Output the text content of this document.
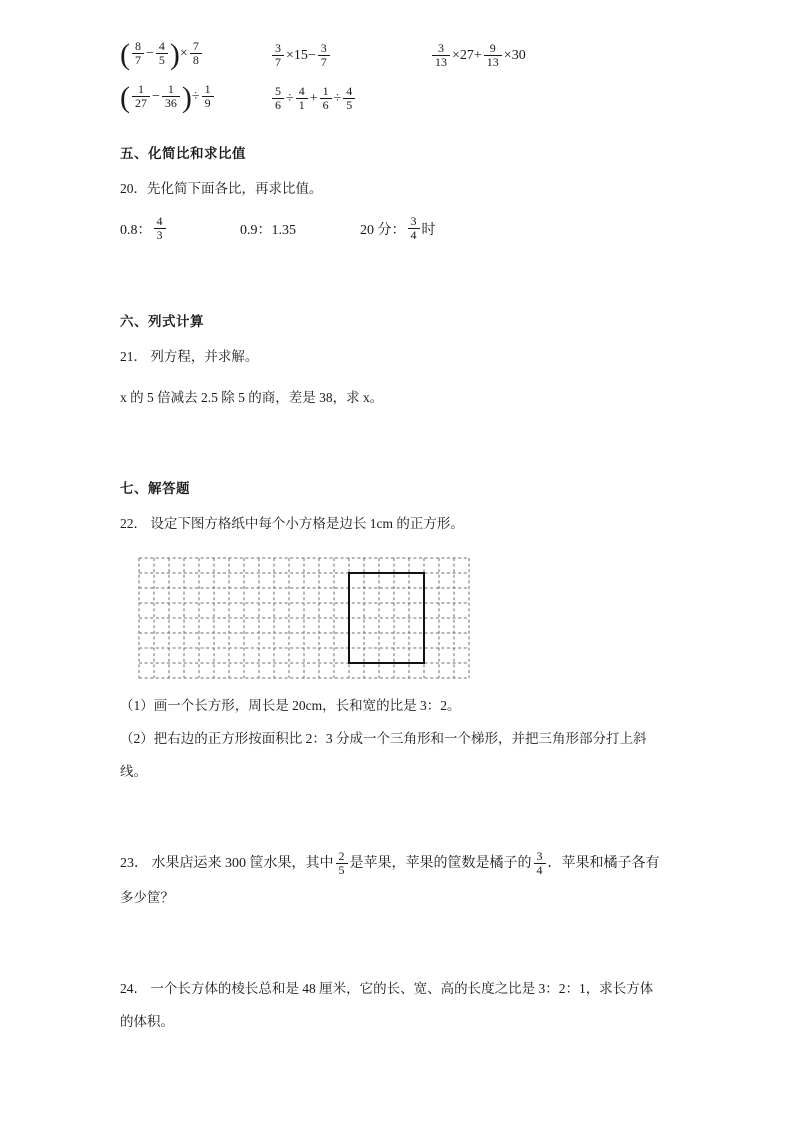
( $\frac{8}{7} - \frac{4}{5}$ ) × $\frac{7}{8}$	$\frac{3}{7} \times 15- \frac{3}{7}$	$\frac{3}{13} \times 27+ \frac{9}{13} \times 30$
( $\frac{1}{27} - \frac{1}{36}$ ) ÷ $\frac{1}{9}$	$\frac{5}{6} \div \frac{4}{1} + \frac{1}{6} \div \frac{4}{5}$
五、化简比和求比值
20．先化简下面各比，再求比值。
0.8： $\frac{4}{3}$	0.9：1.35	20 分： $\frac{3}{4}$ 时
六、列式计算
21． 列方程，并求解。
x 的 5 倍减去 2.5 除 5 的商，差是 38，求 x。
七、解答题
22． 设定下图方格纸中每个小方格是边长 1cm 的正方形。
（1）画一个长方形，周长是 20cm，长和宽的比是 3：2。
（2）把右边的正方形按面积比 2：3 分成一个三角形和一个梯形，并把三角形部分打上斜
线。
23． 水果店运来 300 筐水果，其中 $\frac{2}{5}$ 是苹果，苹果的筐数是橘子的 $\frac{3}{4}$ ．苹果和橘子各有
多少筐？
24． 一个长方体的棱长总和是 48 厘米，它的长、宽、高的长度之比是 3：2：1，求长方体
的体积。
